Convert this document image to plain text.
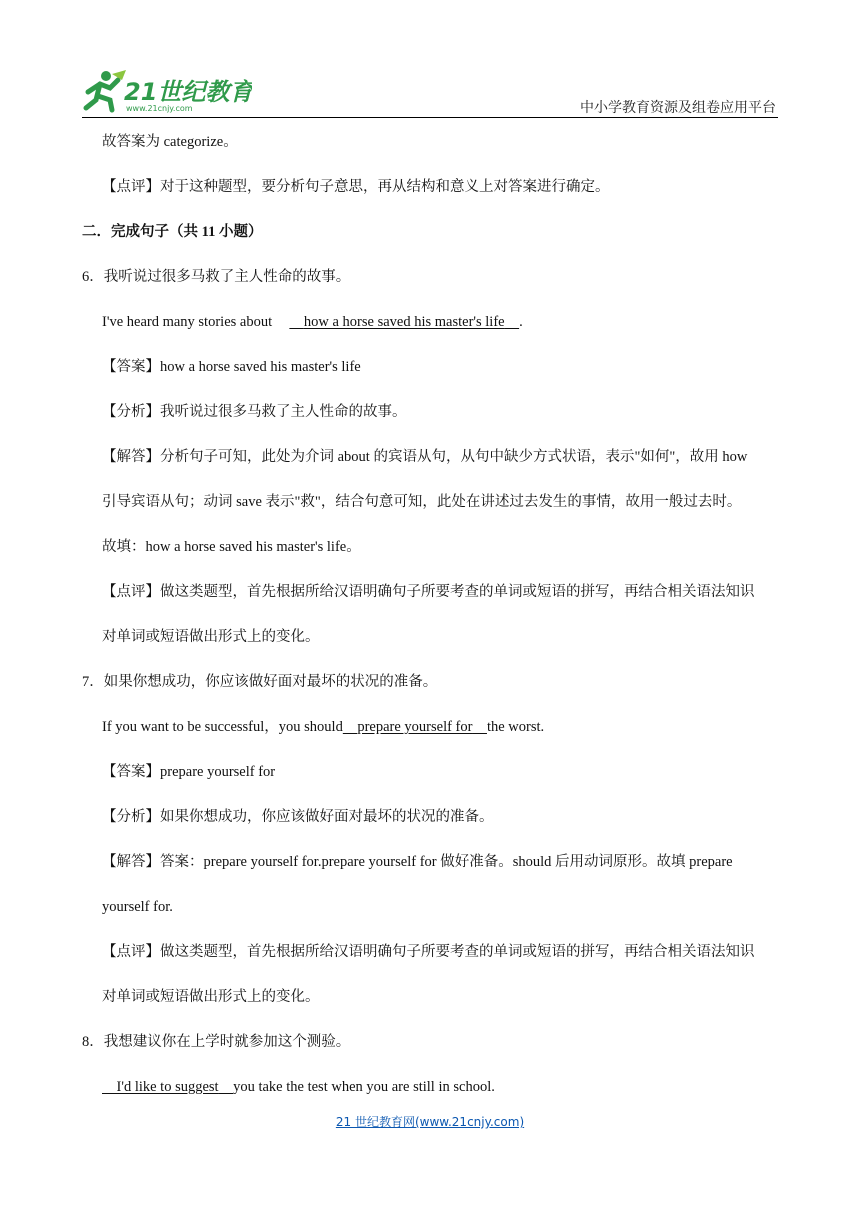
21世纪教育
www.21cnjy.com	中小学教育资源及组卷应用平台
故答案为 categorize。
【点评】对于这种题型，要分析句子意思，再从结构和意义上对答案进行确定。
二．完成句子（共 11 小题）
6．我听说过很多马救了主人性命的故事。
I've heard many stories about how a horse saved his master's life .
【答案】how a horse saved his master's life
【分析】我听说过很多马救了主人性命的故事。
【解答】分析句子可知，此处为介词 about 的宾语从句，从句中缺少方式状语，表示"如何"，故用 how
引导宾语从句；动词 save 表示"救"，结合句意可知，此处在讲述过去发生的事情，故用一般过去时。
故填：how a horse saved his master's life。
【点评】做这类题型，首先根据所给汉语明确句子所要考查的单词或短语的拼写，再结合相关语法知识
对单词或短语做出形式上的变化。
7．如果你想成功，你应该做好面对最坏的状况的准备。
If you want to be successful，you should prepare yourself for the worst.
【答案】prepare yourself for
【分析】如果你想成功，你应该做好面对最坏的状况的准备。
【解答】答案：prepare yourself for.prepare yourself for 做好准备。should 后用动词原形。故填 prepare
yourself for.
【点评】做这类题型，首先根据所给汉语明确句子所要考查的单词或短语的拼写，再结合相关语法知识
对单词或短语做出形式上的变化。
8．我想建议你在上学时就参加这个测验。
I'd like to suggest you take the test when you are still in school.
21 世纪教育网(www.21cnjy.com)
